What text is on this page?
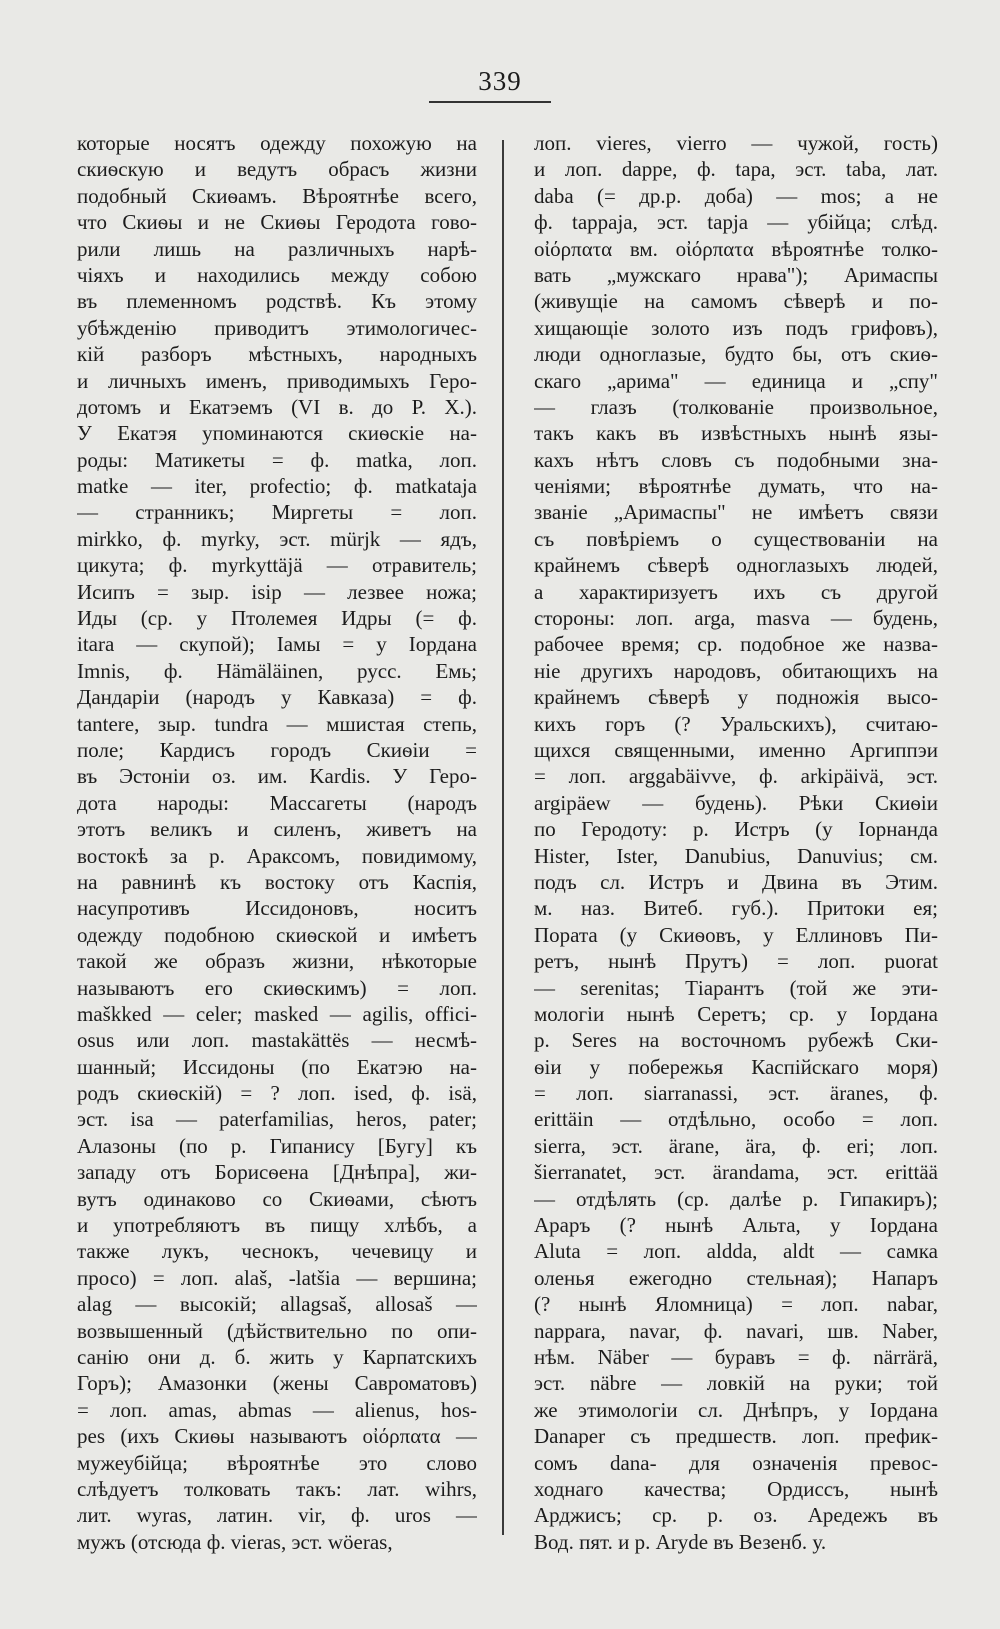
339
которые носятъ одежду похожую на
скиѳскую и ведутъ обрасъ жизни
подобный Скиѳамъ. Вѣроятнѣе всего,
что Скиѳы и не Скиѳы Геродота гово-
рили лишь на различныхъ нарѣ-
чіяхъ и находились между собою
въ племенномъ родствѣ. Къ этому
убѣжденію приводитъ этимологичес-
кій разборъ мѣстныхъ, народныхъ
и личныхъ именъ, приводимыхъ Геро-
дотомъ и Екатэемъ (VI в. до Р. X.).
У Екатэя упоминаются скиѳскіе на-
роды: Матикеты = ф. matka, лоп.
matke — iter, profectio; ф. matkataja
— странникъ; Миргеты = лоп.
mirkko, ф. myrky, эст. mürjk — ядъ,
цикута; ф. myrkyttäjä — отравитель;
Исипъ = зыр. isip — лезвее ножа;
Иды (ср. у Птолемея Идры (= ф.
itara — скупой); Іамы = у Іордана
Imnis, ф. Hämäläinen, русс. Емь;
Дандаріи (народъ у Кавказа) = ф.
tantere, зыр. tundra — мшистая степь,
поле; Кардисъ городъ Скиѳіи =
въ Эстоніи оз. им. Kardis. У Геро-
дота народы: Массагеты (народъ
этотъ великъ и силенъ, живетъ на
востокѣ за р. Араксомъ, повидимому,
на равнинѣ къ востоку отъ Каспія,
насупротивъ Иссидоновъ, носитъ
одежду подобною скиѳской и имѣетъ
такой же образъ жизни, нѣкоторые
называютъ его скиѳскимъ) = лоп.
maškked — celer; masked — agilis, offici-
osus или лоп. mastakättës — несмѣ-
шанный; Иссидоны (по Екатэю на-
родъ скиѳскій) = ? лоп. ised, ф. isä,
эст. isa — paterfamilias, heros, pater;
Алазоны (по р. Гипанису [Бугу] къ
западу отъ Борисѳена [Днѣпра], жи-
вутъ одинаково со Скиѳами, сѣютъ
и употребляютъ въ пищу хлѣбъ, а
также лукъ, чеснокъ, чечевицу и
просо) = лоп. alaš, -latšia — вершина;
alag — высокій; allagsaš, allosaš —
возвышенный (дѣйствительно по опи-
санію они д. б. жить у Карпатскихъ
Горъ); Амазонки (жены Савроматовъ)
= лоп. amas, abmas — alienus, hos-
pes (ихъ Скиѳы называютъ οἰόρπατα —
мужеубійца; вѣроятнѣе это слово
слѣдуетъ толковать такъ: лат. wihrs,
лит. wyras, латин. vir, ф. uros —
мужъ (отсюда ф. vieras, эст. wöeras,
лоп. vieres, vierro — чужой, гость)
и лоп. dappe, ф. tapa, эст. taba, лат.
daba (= др.р. доба) — mos; а не
ф. tappaja, эст. tapja — убійца; слѣд.
οἰόρπατα вм. οἰόρπατα вѣроятнѣе толко-
вать „мужскаго нрава"); Аримаспы
(живущіе на самомъ сѣверѣ и по-
хищающіе золото изъ подъ грифовъ),
люди одноглазые, будто бы, отъ скиѳ-
скаго „арима" — единица и „спу"
— глазъ (толкованіе произвольное,
такъ какъ въ извѣстныхъ нынѣ язы-
кахъ нѣтъ словъ съ подобными зна-
ченіями; вѣроятнѣе думать, что на-
званіе „Аримаспы" не имѣетъ связи
съ повѣріемъ о существованіи на
крайнемъ сѣверѣ одноглазыхъ людей,
а характиризуетъ ихъ съ другой
стороны: лоп. arga, masva — будень,
рабочее время; ср. подобное же назва-
ніе другихъ народовъ, обитающихъ на
крайнемъ сѣверѣ у подножія высо-
кихъ горъ (? Уральскихъ), считаю-
щихся священными, именно Аргиппэи
= лоп. arggabäivve, ф. arkipäivä, эст.
argipäew — будень). Рѣки Скиѳіи
по Геродоту: р. Истръ (у Іорнанда
Hister, Ister, Danubius, Danuvius; см.
подъ сл. Истръ и Двина въ Этим.
м. наз. Витеб. губ.). Притоки ея;
Пората (у Скиѳовъ, у Еллиновъ Пи-
ретъ, нынѣ Прутъ) = лоп. puorat
— serenitas; Тіарантъ (той же эти-
мологіи нынѣ Серетъ; ср. у Іордана
р. Seres на восточномъ рубежѣ Ски-
ѳіи у побережья Каспійскаго моря)
= лоп. siarranassi, эст. äranes, ф.
erittäin — отдѣльно, особо = лоп.
sierra, эст. ärane, ära, ф. eri; лоп.
šierranatet, эст. ärandama, эст. erittää
— отдѣлять (ср. далѣе р. Гипакиръ);
Араръ (? нынѣ Альта, у Іордана
Aluta = лоп. aldda, aldt — самка
оленья ежегодно стельная); Напаръ
(? нынѣ Яломница) = лоп. nabar,
nappara, navar, ф. navari, шв. Naber,
нѣм. Näber — буравъ = ф. närrärä,
эст. näbre — ловкій на руки; той
же этимологіи сл. Днѣпръ, у Іордана
Danaper съ предшеств. лоп. префик-
сомъ dana- для означенія превос-
ходнаго качества; Ордиссъ, нынѣ
Арджисъ; ср. р. оз. Аредежъ въ
Вод. пят. и р. Aryde въ Везенб. у.
